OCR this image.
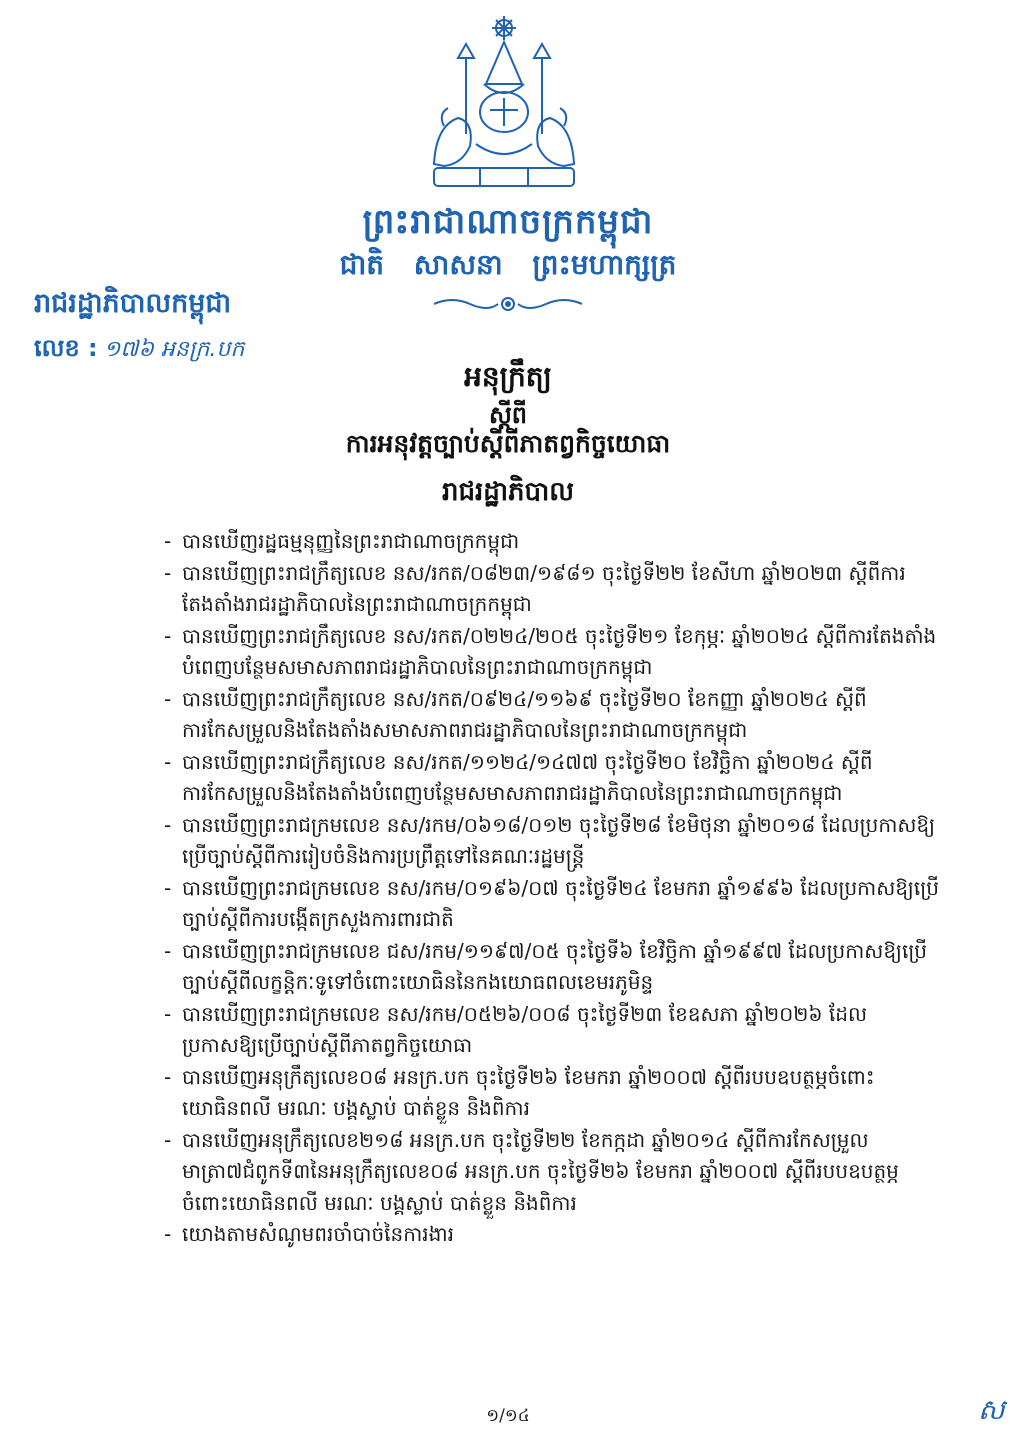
ព្រះរាជាណាចក្រកម្ពុជា
ជាតិ សាសនា ព្រះមហាក្សត្រ
រាជរដ្ឋាភិបាលកម្ពុជា
លេខ : ១៧៦ អនក្រ.បក
អនុក្រឹត្យ
ស្តីពី
ការអនុវត្តច្បាប់ស្តីពីភាតព្វកិច្ចយោធា
រាជរដ្ឋាភិបាល
- បានឃើញរដ្ឋធម្មនុញ្ញនៃព្រះរាជាណាចក្រកម្ពុជា
- បានឃើញព្រះរាជក្រឹត្យលេខ នស/រកត/០៨២៣/១៩៨១ ចុះថ្ងៃទី២២ ខែសីហា ឆ្នាំ២០២៣ ស្តីពីការតែងតាំងរាជរដ្ឋាភិបាលនៃព្រះរាជាណាចក្រកម្ពុជា
- បានឃើញព្រះរាជក្រឹត្យលេខ នស/រកត/០២២៤/២០៥ ចុះថ្ងៃទី២១ ខែកុម្ភៈ ឆ្នាំ២០២៤ ស្តីពីការតែងតាំងបំពេញបន្ថែមសមាសភាពរាជរដ្ឋាភិបាលនៃព្រះរាជាណាចក្រកម្ពុជា
- បានឃើញព្រះរាជក្រឹត្យលេខ នស/រកត/០៩២៤/១១៦៩ ចុះថ្ងៃទី២០ ខែកញ្ញា ឆ្នាំ២០២៤ ស្តីពីការកែសម្រួលនិងតែងតាំងសមាសភាពរាជរដ្ឋាភិបាលនៃព្រះរាជាណាចក្រកម្ពុជា
- បានឃើញព្រះរាជក្រឹត្យលេខ នស/រកត/១១២៤/១៤៧៧ ចុះថ្ងៃទី២០ ខែវិច្ឆិកា ឆ្នាំ២០២៤ ស្តីពីការកែសម្រួលនិងតែងតាំងបំពេញបន្ថែមសមាសភាពរាជរដ្ឋាភិបាលនៃព្រះរាជាណាចក្រកម្ពុជា
- បានឃើញព្រះរាជក្រមលេខ នស/រកម/០៦១៨/០១២ ចុះថ្ងៃទី២៨ ខែមិថុនា ឆ្នាំ២០១៨ ដែលប្រកាសឱ្យប្រើច្បាប់ស្តីពីការរៀបចំនិងការប្រព្រឹត្តទៅនៃគណៈរដ្ឋមន្ត្រី
- បានឃើញព្រះរាជក្រមលេខ នស/រកម/០១៩៦/០៧ ចុះថ្ងៃទី២៤ ខែមករា ឆ្នាំ១៩៩៦ ដែលប្រកាសឱ្យប្រើច្បាប់ស្តីពីការបង្កើតក្រសួងការពារជាតិ
- បានឃើញព្រះរាជក្រមលេខ ជស/រកម/១១៩៧/០៥ ចុះថ្ងៃទី៦ ខែវិច្ឆិកា ឆ្នាំ១៩៩៧ ដែលប្រកាសឱ្យប្រើច្បាប់ស្តីពីលក្ខន្តិកៈទូទៅចំពោះយោធិននៃកងយោធពលខេមរភូមិន្ទ
- បានឃើញព្រះរាជក្រមលេខ នស/រកម/០៥២៦/០០៨ ចុះថ្ងៃទី២៣ ខែឧសភា ឆ្នាំ២០២៦ ដែលប្រកាសឱ្យប្រើច្បាប់ស្តីពីភាតព្វកិច្ចយោធា
- បានឃើញអនុក្រឹត្យលេខ០៨ អនក្រ.បក ចុះថ្ងៃទី២៦ ខែមករា ឆ្នាំ២០០៧ ស្តីពីរបបឧបត្ថម្ភចំពោះយោធិនពលី មរណៈ បង្គស្លាប់ បាត់ខ្លួន និងពិការ
- បានឃើញអនុក្រឹត្យលេខ២១៨ អនក្រ.បក ចុះថ្ងៃទី២២ ខែកក្កដា ឆ្នាំ២០១៤ ស្តីពីការកែសម្រួលមាត្រា៧ជំពូកទី៣នៃអនុក្រឹត្យលេខ០៨ អនក្រ.បក ចុះថ្ងៃទី២៦ ខែមករា ឆ្នាំ២០០៧ ស្តីពីរបបឧបត្ថម្ភចំពោះយោធិនពលី មរណៈ បង្គស្លាប់ បាត់ខ្លួន និងពិការ
- យោងតាមសំណូមពរចាំបាច់នៃការងារ
១/១៤	ស
